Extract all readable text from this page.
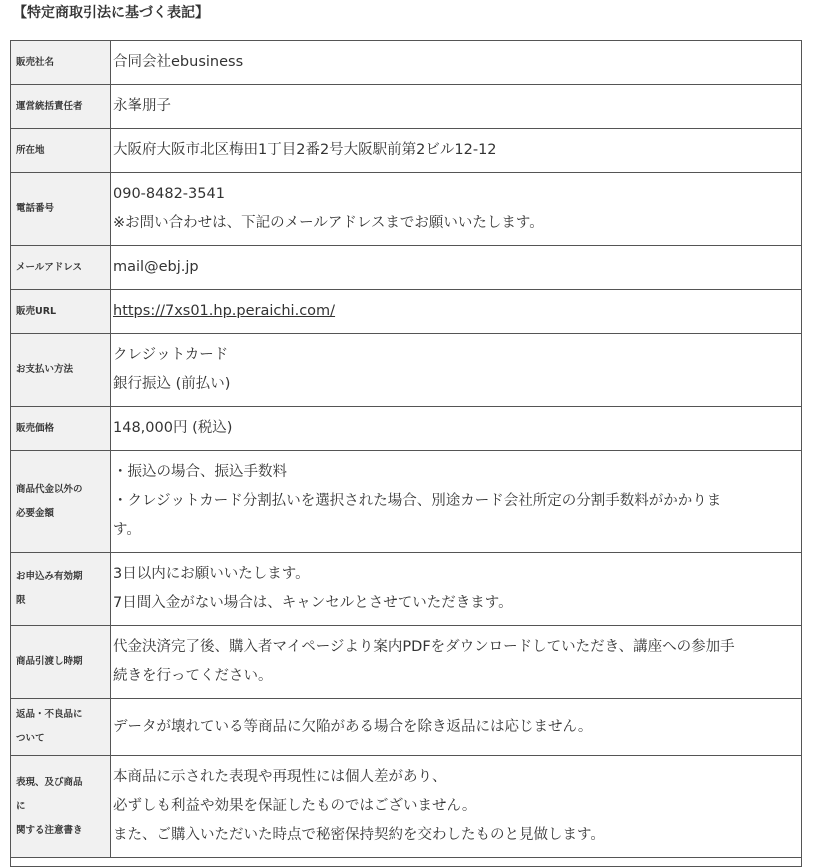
【特定商取引法に基づく表記】
販売社名	合同会社ebusiness

運営統括責任者	永峯朋子

所在地	大阪府大阪市北区梅田1丁目2番2号大阪駅前第2ビル12-12

電話番号	090-8482-3541
※お問い合わせは、下記のメールアドレスまでお願いいたします。

メールアドレス	mail@ebj.jp

販売URL	https://7xs01.hp.peraichi.com/

お支払い方法	クレジットカード
銀行振込 (前払い)

販売価格	148,000円 (税込)

商品代金以外の
必要金額	・振込の場合、振込手数料
・クレジットカード分割払いを選択された場合、別途カード会社所定の分割手数料がかかりま
す。

お申込み有効期
限	3日以内にお願いいたします。
7日間入金がない場合は、キャンセルとさせていただきます。

商品引渡し時期	代金決済完了後、購入者マイページより案内PDFをダウンロードしていただき、講座への参加手
続きを行ってください。

返品・不良品に
ついて	データが壊れている等商品に欠陥がある場合を除き返品には応じません。

表現、及び商品
に
関する注意書き	本商品に示された表現や再現性には個人差があり、
必ずしも利益や効果を保証したものではございません。
また、ご購入いただいた時点で秘密保持契約を交わしたものと見做します。
